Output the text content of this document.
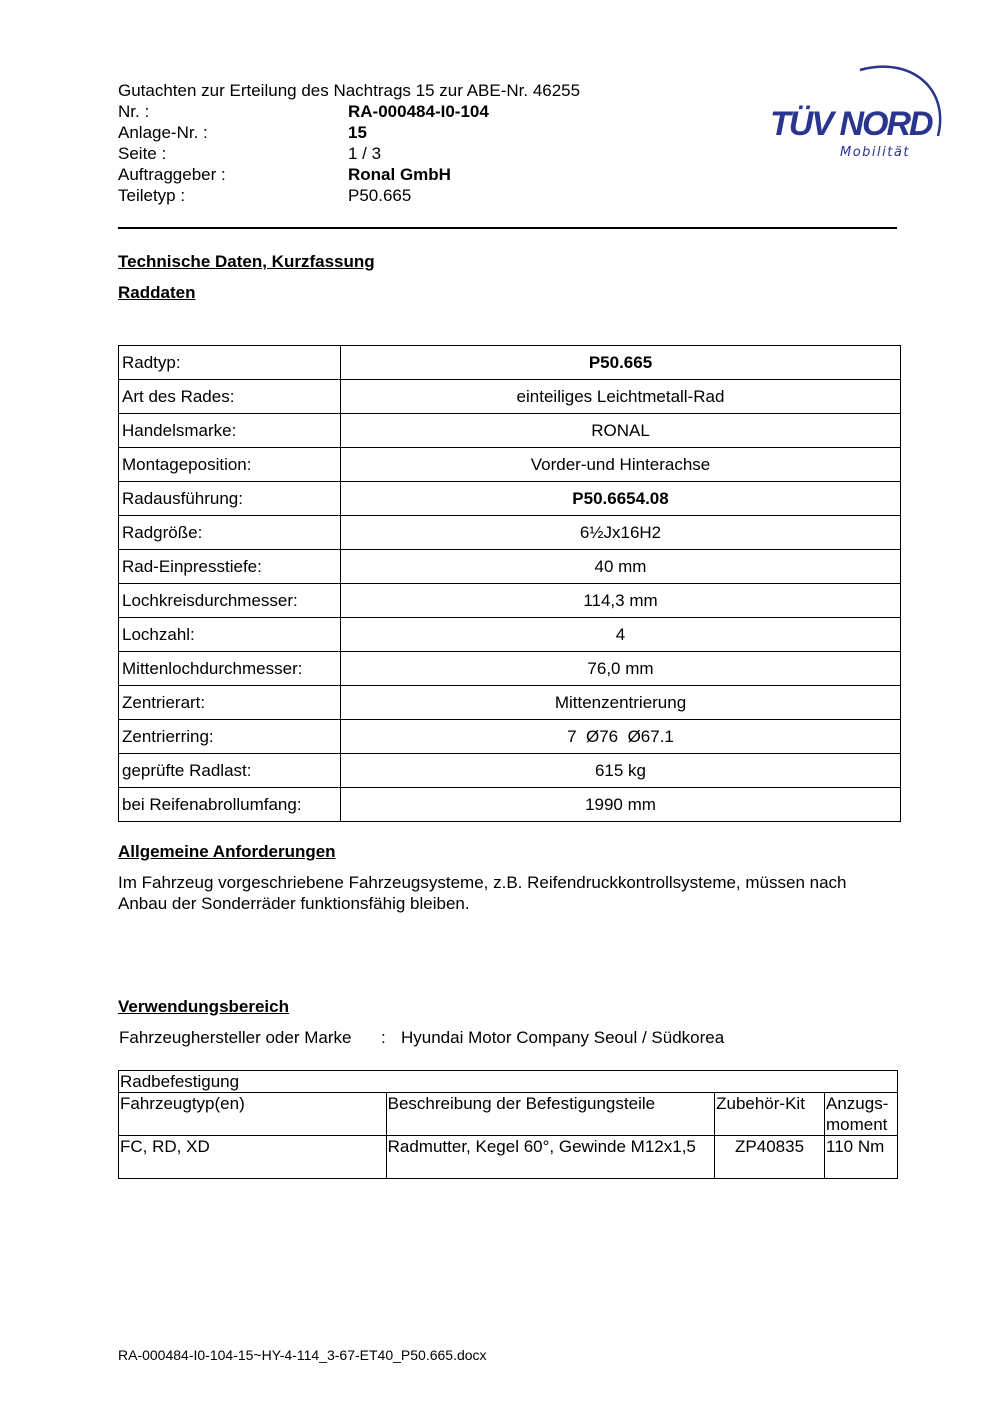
Gutachten zur Erteilung des Nachtrags 15 zur ABE-Nr. 46255
Nr. :	RA-000484-I0-104
Anlage-Nr. :	15
Seite :	1 / 3
Auftraggeber :	Ronal GmbH
Teiletyp :	P50.665
TÜV NORD
Mobilität
Technische Daten, Kurzfassung
Raddaten
Radtyp:	P50.665
Art des Rades:	einteiliges Leichtmetall-Rad
Handelsmarke:	RONAL
Montageposition:	Vorder-und Hinterachse
Radausführung:	P50.6654.08
Radgröße:	6½Jx16H2
Rad-Einpresstiefe:	40 mm
Lochkreisdurchmesser:	114,3 mm
Lochzahl:	4
Mittenlochdurchmesser:	76,0 mm
Zentrierart:	Mittenzentrierung
Zentrierring:	7  Ø76  Ø67.1
geprüfte Radlast:	615 kg
bei Reifenabrollumfang:	1990 mm
Allgemeine Anforderungen
Im Fahrzeug vorgeschriebene Fahrzeugsysteme, z.B. Reifendruckkontrollsysteme, müssen nach Anbau der Sonderräder funktionsfähig bleiben.
Verwendungsbereich
Fahrzeughersteller oder Marke	: Hyundai Motor Company Seoul / Südkorea
Radbefestigung			
Fahrzeugtyp(en)	Beschreibung der Befestigungsteile	Zubehör-Kit	Anzugs-moment
FC, RD, XD	Radmutter, Kegel 60°, Gewinde M12x1,5	ZP40835	110 Nm
RA-000484-I0-104-15~HY-4-114_3-67-ET40_P50.665.docx
